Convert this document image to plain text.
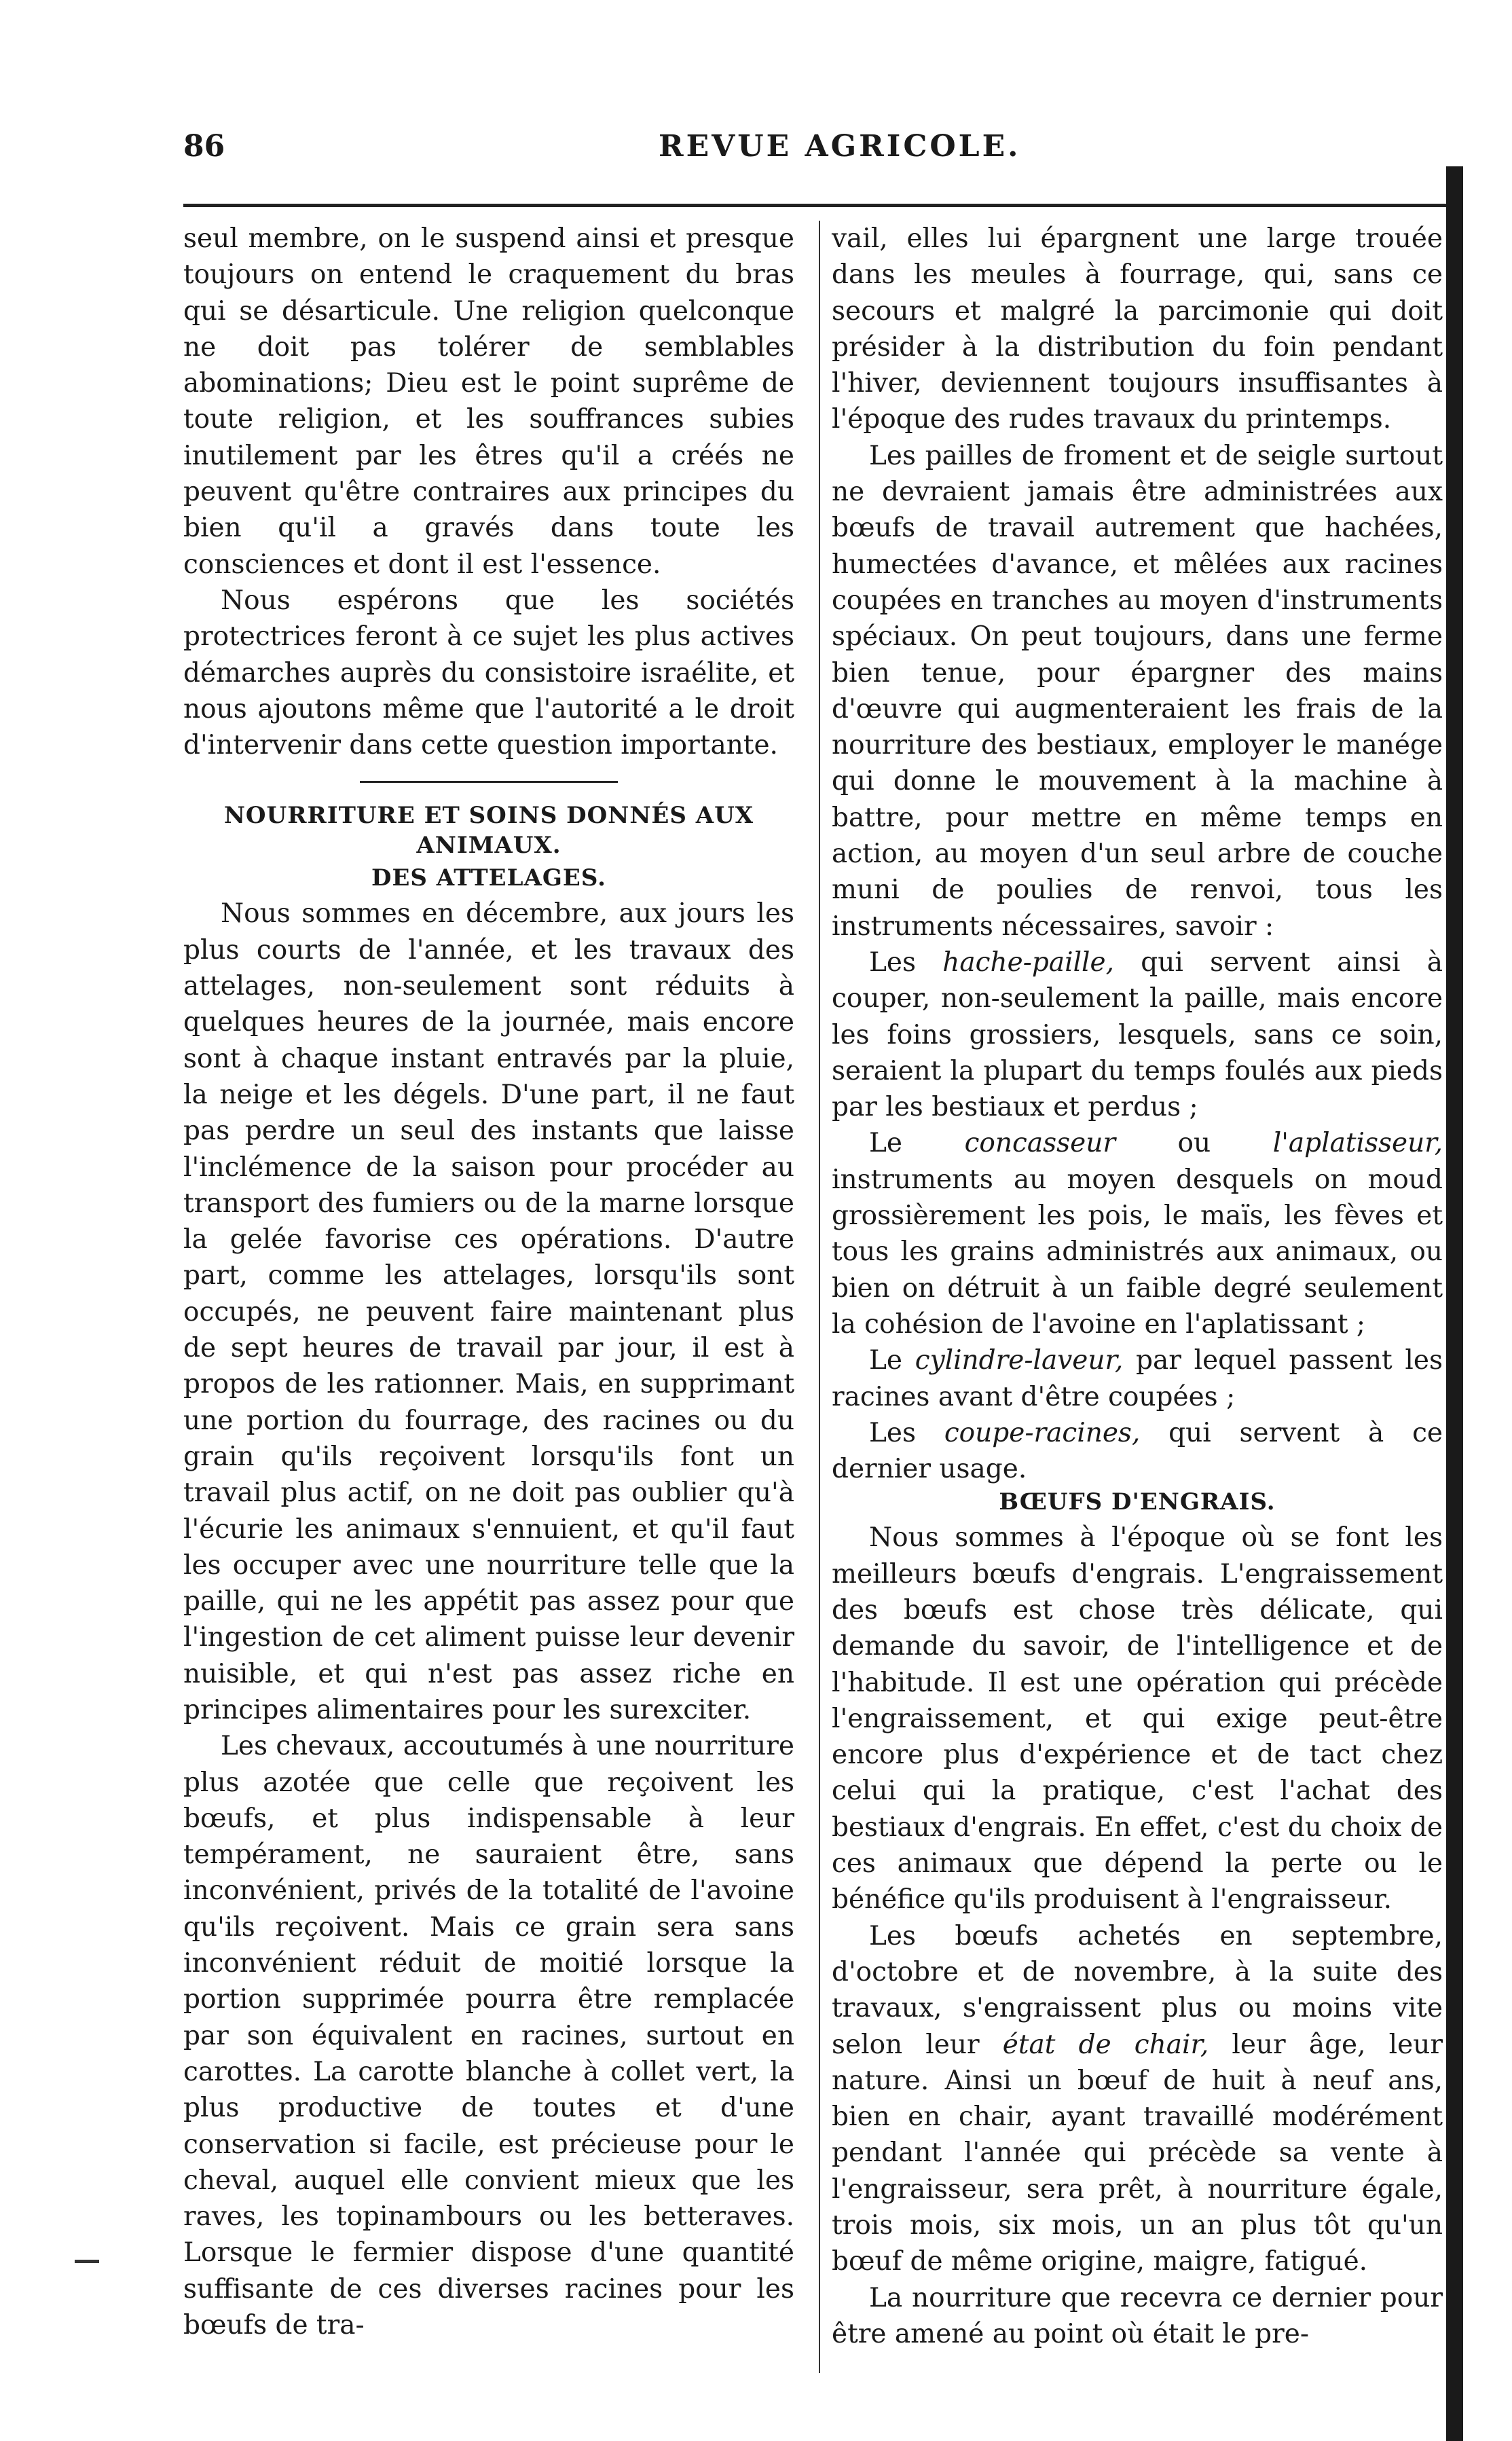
86	REVUE AGRICOLE.

seul membre, on le suspend ainsi et presque toujours on entend le craquement du bras qui se désarticule. Une religion quelconque ne doit pas tolérer de semblables abominations; Dieu est le point suprême de toute religion, et les souffrances subies inutilement par les êtres qu'il a créés ne peuvent qu'être contraires aux principes du bien qu'il a gravés dans toute les consciences et dont il est l'essence.

Nous espérons que les sociétés protectrices feront à ce sujet les plus actives démarches auprès du consistoire israélite, et nous ajoutons même que l'autorité a le droit d'intervenir dans cette question importante.

NOURRITURE ET SOINS DONNÉS AUX ANIMAUX.
DES ATTELAGES.

Nous sommes en décembre, aux jours les plus courts de l'année, et les travaux des attelages, non-seulement sont réduits à quelques heures de la journée, mais encore sont à chaque instant entravés par la pluie, la neige et les dégels. D'une part, il ne faut pas perdre un seul des instants que laisse l'inclémence de la saison pour procéder au transport des fumiers ou de la marne lorsque la gelée favorise ces opérations. D'autre part, comme les attelages, lorsqu'ils sont occupés, ne peuvent faire maintenant plus de sept heures de travail par jour, il est à propos de les rationner. Mais, en supprimant une portion du fourrage, des racines ou du grain qu'ils reçoivent lorsqu'ils font un travail plus actif, on ne doit pas oublier qu'à l'écurie les animaux s'ennuient, et qu'il faut les occuper avec une nourriture telle que la paille, qui ne les appétit pas assez pour que l'ingestion de cet aliment puisse leur devenir nuisible, et qui n'est pas assez riche en principes alimentaires pour les surexciter.

Les chevaux, accoutumés à une nourriture plus azotée que celle que reçoivent les bœufs, et plus indispensable à leur tempérament, ne sauraient être, sans inconvénient, privés de la totalité de l'avoine qu'ils reçoivent. Mais ce grain sera sans inconvénient réduit de moitié lorsque la portion supprimée pourra être remplacée par son équivalent en racines, surtout en carottes. La carotte blanche à collet vert, la plus productive de toutes et d'une conservation si facile, est précieuse pour le cheval, auquel elle convient mieux que les raves, les topinambours ou les betteraves. Lorsque le fermier dispose d'une quantité suffisante de ces diverses racines pour les bœufs de tra-

vail, elles lui épargnent une large trouée dans les meules à fourrage, qui, sans ce secours et malgré la parcimonie qui doit présider à la distribution du foin pendant l'hiver, deviennent toujours insuffisantes à l'époque des rudes travaux du printemps.

Les pailles de froment et de seigle surtout ne devraient jamais être administrées aux bœufs de travail autrement que hachées, humectées d'avance, et mêlées aux racines coupées en tranches au moyen d'instruments spéciaux. On peut toujours, dans une ferme bien tenue, pour épargner des mains d'œuvre qui augmenteraient les frais de la nourriture des bestiaux, employer le manége qui donne le mouvement à la machine à battre, pour mettre en même temps en action, au moyen d'un seul arbre de couche muni de poulies de renvoi, tous les instruments nécessaires, savoir :

Les hache-paille, qui servent ainsi à couper, non-seulement la paille, mais encore les foins grossiers, lesquels, sans ce soin, seraient la plupart du temps foulés aux pieds par les bestiaux et perdus ;

Le concasseur ou l'aplatisseur, instruments au moyen desquels on moud grossièrement les pois, le maïs, les fèves et tous les grains administrés aux animaux, ou bien on détruit à un faible degré seulement la cohésion de l'avoine en l'aplatissant ;

Le cylindre-laveur, par lequel passent les racines avant d'être coupées ;

Les coupe-racines, qui servent à ce dernier usage.

BŒUFS D'ENGRAIS.

Nous sommes à l'époque où se font les meilleurs bœufs d'engrais. L'engraissement des bœufs est chose très délicate, qui demande du savoir, de l'intelligence et de l'habitude. Il est une opération qui précède l'engraissement, et qui exige peut-être encore plus d'expérience et de tact chez celui qui la pratique, c'est l'achat des bestiaux d'engrais. En effet, c'est du choix de ces animaux que dépend la perte ou le bénéfice qu'ils produisent à l'engraisseur.

Les bœufs achetés en septembre, d'octobre et de novembre, à la suite des travaux, s'engraissent plus ou moins vite selon leur état de chair, leur âge, leur nature. Ainsi un bœuf de huit à neuf ans, bien en chair, ayant travaillé modérément pendant l'année qui précède sa vente à l'engraisseur, sera prêt, à nourriture égale, trois mois, six mois, un an plus tôt qu'un bœuf de même origine, maigre, fatigué.

La nourriture que recevra ce dernier pour être amené au point où était le pre-
